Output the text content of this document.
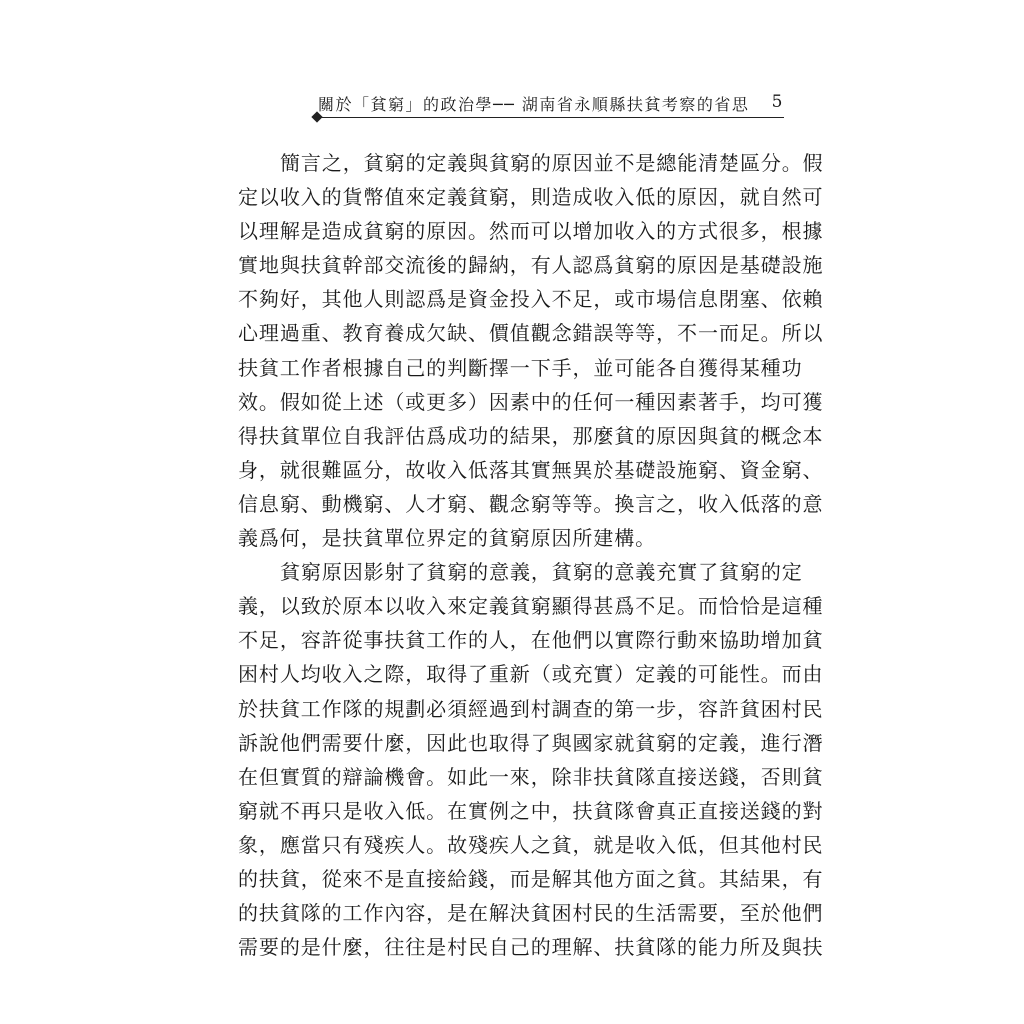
關於「貧窮」的政治學── 湖南省永順縣扶貧考察的省思 5
簡 言 之 ， 貧 窮 的 定 義 與 貧 窮 的 原 因 並 不 是 總 能 清 楚 區 分 。 假
定 以 收 入 的 貨 幣 值 來 定 義 貧 窮 ， 則 造 成 收 入 低 的 原 因 ， 就 自 然 可
以 理 解 是 造 成 貧 窮 的 原 因 。 然 而 可 以 增 加 收 入 的 方 式 很 多 ， 根 據
實 地 與 扶 貧 幹 部 交 流 後 的 歸 納 ， 有 人 認 爲 貧 窮 的 原 因 是 基 礎 設 施
不 夠 好 ， 其 他 人 則 認 爲 是 資 金 投 入 不 足 ， 或 市 場 信 息 閉 塞 、 依 賴
心 理 過 重 、 教 育 養 成 欠 缺 、 價 值 觀 念 錯 誤 等 等 ， 不 一 而 足 。 所 以
扶 貧 工 作 者 根 據 自 己 的 判 斷 擇 一 下 手 ， 並 可 能 各 自 獲 得 某 種 功
效 。 假 如 從 上 述 （ 或 更 多 ） 因 素 中 的 任 何 一 種 因 素 著 手 ， 均 可 獲
得 扶 貧 單 位 自 我 評 估 爲 成 功 的 結 果 ， 那 麼 貧 的 原 因 與 貧 的 概 念 本
身 ， 就 很 難 區 分 ， 故 收 入 低 落 其 實 無 異 於 基 礎 設 施 窮 、 資 金 窮 、
信 息 窮 、 動 機 窮 、 人 才 窮 、 觀 念 窮 等 等 。 換 言 之 ， 收 入 低 落 的 意
義爲何，是扶貧單位界定的貧窮原因所建構。
貧 窮 原 因 影 射 了 貧 窮 的 意 義 ， 貧 窮 的 意 義 充 實 了 貧 窮 的 定
義 ， 以 致 於 原 本 以 收 入 來 定 義 貧 窮 顯 得 甚 爲 不 足 。 而 恰 恰 是 這 種
不 足 ， 容 許 從 事 扶 貧 工 作 的 人 ， 在 他 們 以 實 際 行 動 來 協 助 增 加 貧
困 村 人 均 收 入 之 際 ， 取 得 了 重 新 （ 或 充 實 ） 定 義 的 可 能 性 。 而 由
於 扶 貧 工 作 隊 的 規 劃 必 須 經 過 到 村 調 查 的 第 一 步 ， 容 許 貧 困 村 民
訴 說 他 們 需 要 什 麼 ， 因 此 也 取 得 了 與 國 家 就 貧 窮 的 定 義 ， 進 行 潛
在 但 實 質 的 辯 論 機 會 。 如 此 一 來 ， 除 非 扶 貧 隊 直 接 送 錢 ， 否 則 貧
窮 就 不 再 只 是 收 入 低 。 在 實 例 之 中 ， 扶 貧 隊 會 真 正 直 接 送 錢 的 對
象 ， 應 當 只 有 殘 疾 人 。 故 殘 疾 人 之 貧 ， 就 是 收 入 低 ， 但 其 他 村 民
的 扶 貧 ， 從 來 不 是 直 接 給 錢 ， 而 是 解 其 他 方 面 之 貧 。 其 結 果 ， 有
的 扶 貧 隊 的 工 作 內 容 ， 是 在 解 決 貧 困 村 民 的 生 活 需 要 ， 至 於 他 們
需 要 的 是 什 麼 ， 往 往 是 村 民 自 己 的 理 解 、 扶 貧 隊 的 能 力 所 及 與 扶
